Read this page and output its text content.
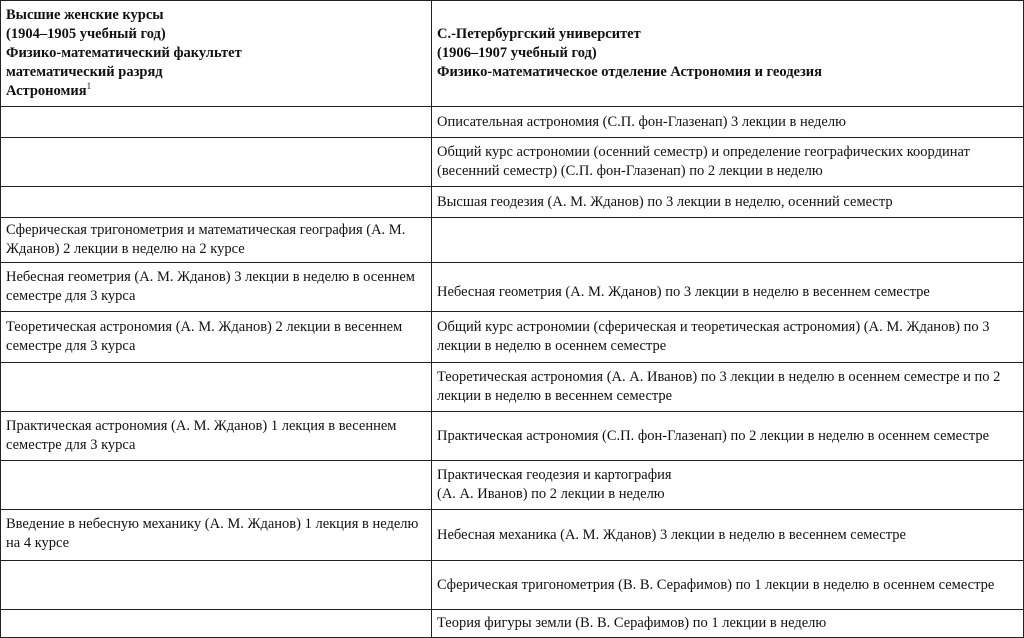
Высшие женские курсы
(1904–1905 учебный год)
Физико-математический факультет
математический разряд
Астрономия$^1$	С.-Петербургский университет
(1906–1907 учебный год)
Физико-математическое отделение Астрономия и геодезия

	Описательная астрономия (С.П. фон-Глазенап) 3 лекции в неделю
	Общий курс астрономии (осенний семестр) и определение географических координат (весенний семестр) (С.П. фон-Глазенап) по 2 лекции в неделю
	Высшая геодезия (А. М. Жданов) по 3 лекции в неделю, осенний семестр
Сферическая тригонометрия и математическая география (А. М. Жданов) 2 лекции в неделю на 2 курсе	
Небесная геометрия (А. М. Жданов) 3 лекции в неделю в осеннем семестре для 3 курса	Небесная геометрия (А. М. Жданов) по 3 лекции в неделю в весеннем семестре
Теоретическая астрономия (А. М. Жданов) 2 лекции в весеннем семестре для 3 курса	Общий курс астрономии (сферическая и теоретическая астрономия) (А. М. Жданов) по 3 лекции в неделю в осеннем семестре
	Теоретическая астрономия (А. А. Иванов) по 3 лекции в неделю в осеннем семестре и по 2 лекции в неделю в весеннем семестре
Практическая астрономия (А. М. Жданов) 1 лекция в весеннем семестре для 3 курса	Практическая астрономия (С.П. фон-Глазенап) по 2 лекции в неделю в осеннем семестре

	Практическая геодезия и картография
(А. А. Иванов) по 2 лекции в неделю

Введение в небесную механику (А. М. Жданов) 1 лекция в неделю на 4 курсе	Небесная механика (А. М. Жданов) 3 лекции в неделю в весеннем семестре
	Сферическая тригонометрия (В. В. Серафимов) по 1 лекции в неделю в осеннем семестре
	Теория фигуры земли (В. В. Серафимов) по 1 лекции в неделю
